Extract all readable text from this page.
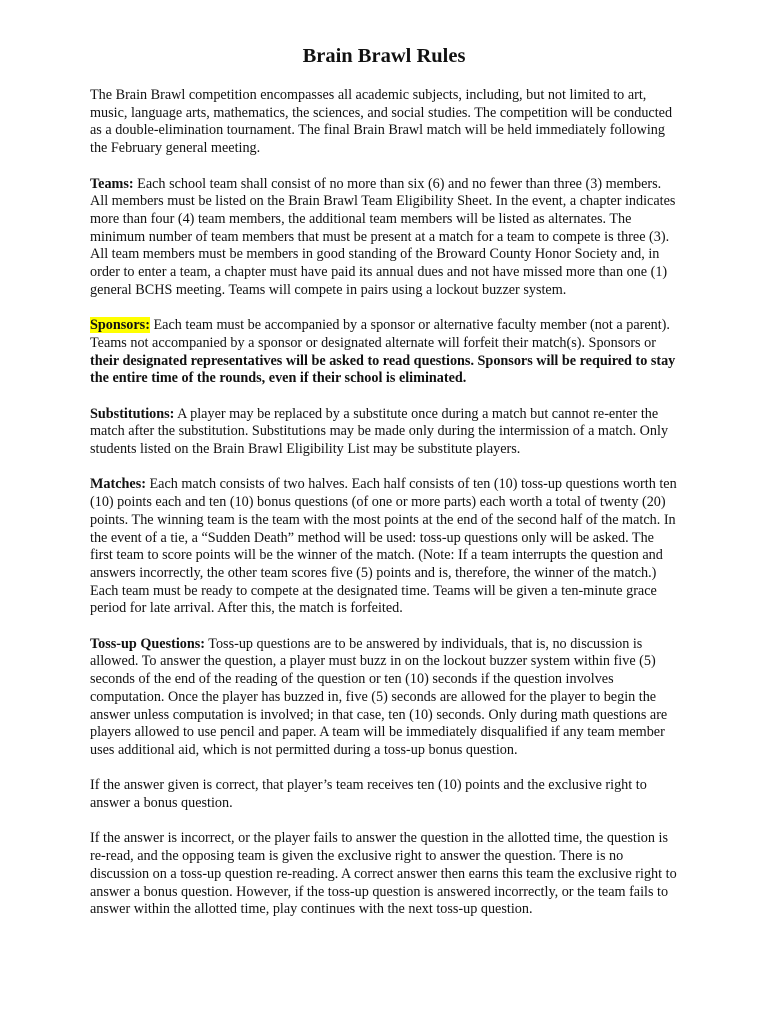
Brain Brawl Rules

The Brain Brawl competition encompasses all academic subjects, including, but not limited to art, music, language arts, mathematics, the sciences, and social studies. The competition will be conducted as a double-elimination tournament. The final Brain Brawl match will be held immediately following the February general meeting.

Teams: Each school team shall consist of no more than six (6) and no fewer than three (3) members. All members must be listed on the Brain Brawl Team Eligibility Sheet. In the event, a chapter indicates more than four (4) team members, the additional team members will be listed as alternates. The minimum number of team members that must be present at a match for a team to compete is three (3). All team members must be members in good standing of the Broward County Honor Society and, in order to enter a team, a chapter must have paid its annual dues and not have missed more than one (1) general BCHS meeting. Teams will compete in pairs using a lockout buzzer system.

Sponsors: Each team must be accompanied by a sponsor or alternative faculty member (not a parent). Teams not accompanied by a sponsor or designated alternate will forfeit their match(s). Sponsors or their designated representatives will be asked to read questions. Sponsors will be required to stay the entire time of the rounds, even if their school is eliminated.

Substitutions: A player may be replaced by a substitute once during a match but cannot re-enter the match after the substitution. Substitutions may be made only during the intermission of a match. Only students listed on the Brain Brawl Eligibility List may be substitute players.

Matches: Each match consists of two halves. Each half consists of ten (10) toss-up questions worth ten (10) points each and ten (10) bonus questions (of one or more parts) each worth a total of twenty (20) points. The winning team is the team with the most points at the end of the second half of the match. In the event of a tie, a “Sudden Death” method will be used: toss-up questions only will be asked. The first team to score points will be the winner of the match. (Note: If a team interrupts the question and answers incorrectly, the other team scores five (5) points and is, therefore, the winner of the match.) Each team must be ready to compete at the designated time. Teams will be given a ten-minute grace period for late arrival. After this, the match is forfeited.

Toss-up Questions: Toss-up questions are to be answered by individuals, that is, no discussion is allowed. To answer the question, a player must buzz in on the lockout buzzer system within five (5) seconds of the end of the reading of the question or ten (10) seconds if the question involves computation. Once the player has buzzed in, five (5) seconds are allowed for the player to begin the answer unless computation is involved; in that case, ten (10) seconds. Only during math questions are players allowed to use pencil and paper. A team will be immediately disqualified if any team member uses additional aid, which is not permitted during a toss-up bonus question.

If the answer given is correct, that player’s team receives ten (10) points and the exclusive right to answer a bonus question.

If the answer is incorrect, or the player fails to answer the question in the allotted time, the question is re-read, and the opposing team is given the exclusive right to answer the question. There is no discussion on a toss-up question re-reading. A correct answer then earns this team the exclusive right to answer a bonus question. However, if the toss-up question is answered incorrectly, or the team fails to answer within the allotted time, play continues with the next toss-up question.
